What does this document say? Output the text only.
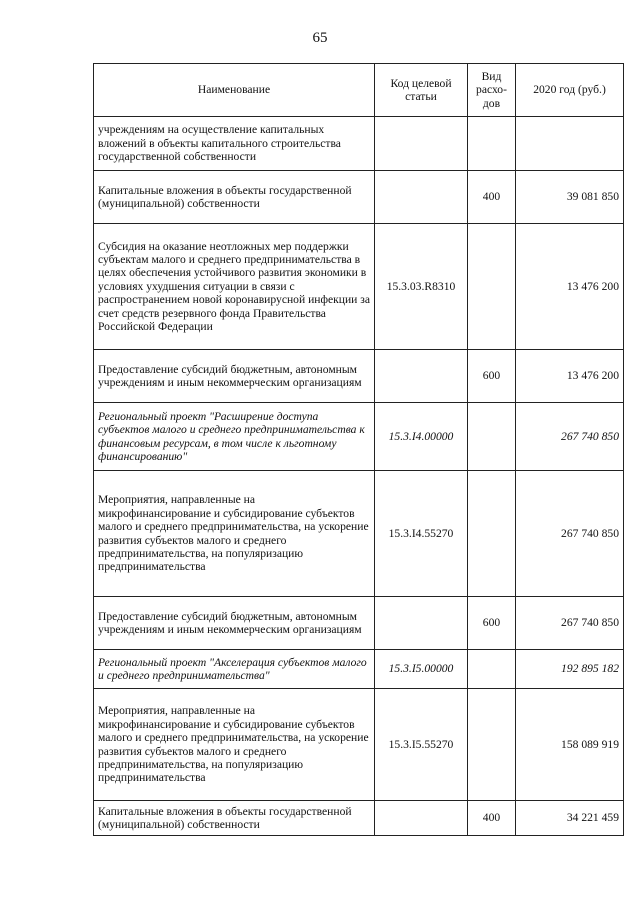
65
Наименование	Код целевой статьи	Вид расхо-дов	2020 год (руб.)
учреждениям на осуществление капитальных вложений в объекты капитального строительства государственной собственности			
Капитальные вложения в объекты государственной (муниципальной) собственности		400	39 081 850
Субсидия на оказание неотложных мер поддержки субъектам малого и среднего предпринимательства в целях обеспечения устойчивого развития экономики в условиях ухудшения ситуации в связи с распространением новой коронавирусной инфекции за счет средств резервного фонда Правительства Российской Федерации	15.3.03.R8310		13 476 200
Предоставление субсидий бюджетным, автономным учреждениям и иным некоммерческим организациям		600	13 476 200
Региональный проект "Расширение доступа субъектов малого и среднего предпринимательства к финансовым ресурсам, в том числе к льготному финансированию"	15.3.I4.00000		267 740 850
Мероприятия, направленные на микрофинансирование и субсидирование субъектов малого и среднего предпринимательства, на ускорение развития субъектов малого и среднего предпринимательства, на популяризацию предпринимательства	15.3.I4.55270		267 740 850
Предоставление субсидий бюджетным, автономным учреждениям и иным некоммерческим организациям		600	267 740 850
Региональный проект "Акселерация субъектов малого и среднего предпринимательства"	15.3.I5.00000		192 895 182
Мероприятия, направленные на микрофинансирование и субсидирование субъектов малого и среднего предпринимательства, на ускорение развития субъектов малого и среднего предпринимательства, на популяризацию предпринимательства	15.3.I5.55270		158 089 919
Капитальные вложения в объекты государственной (муниципальной) собственности		400	34 221 459
